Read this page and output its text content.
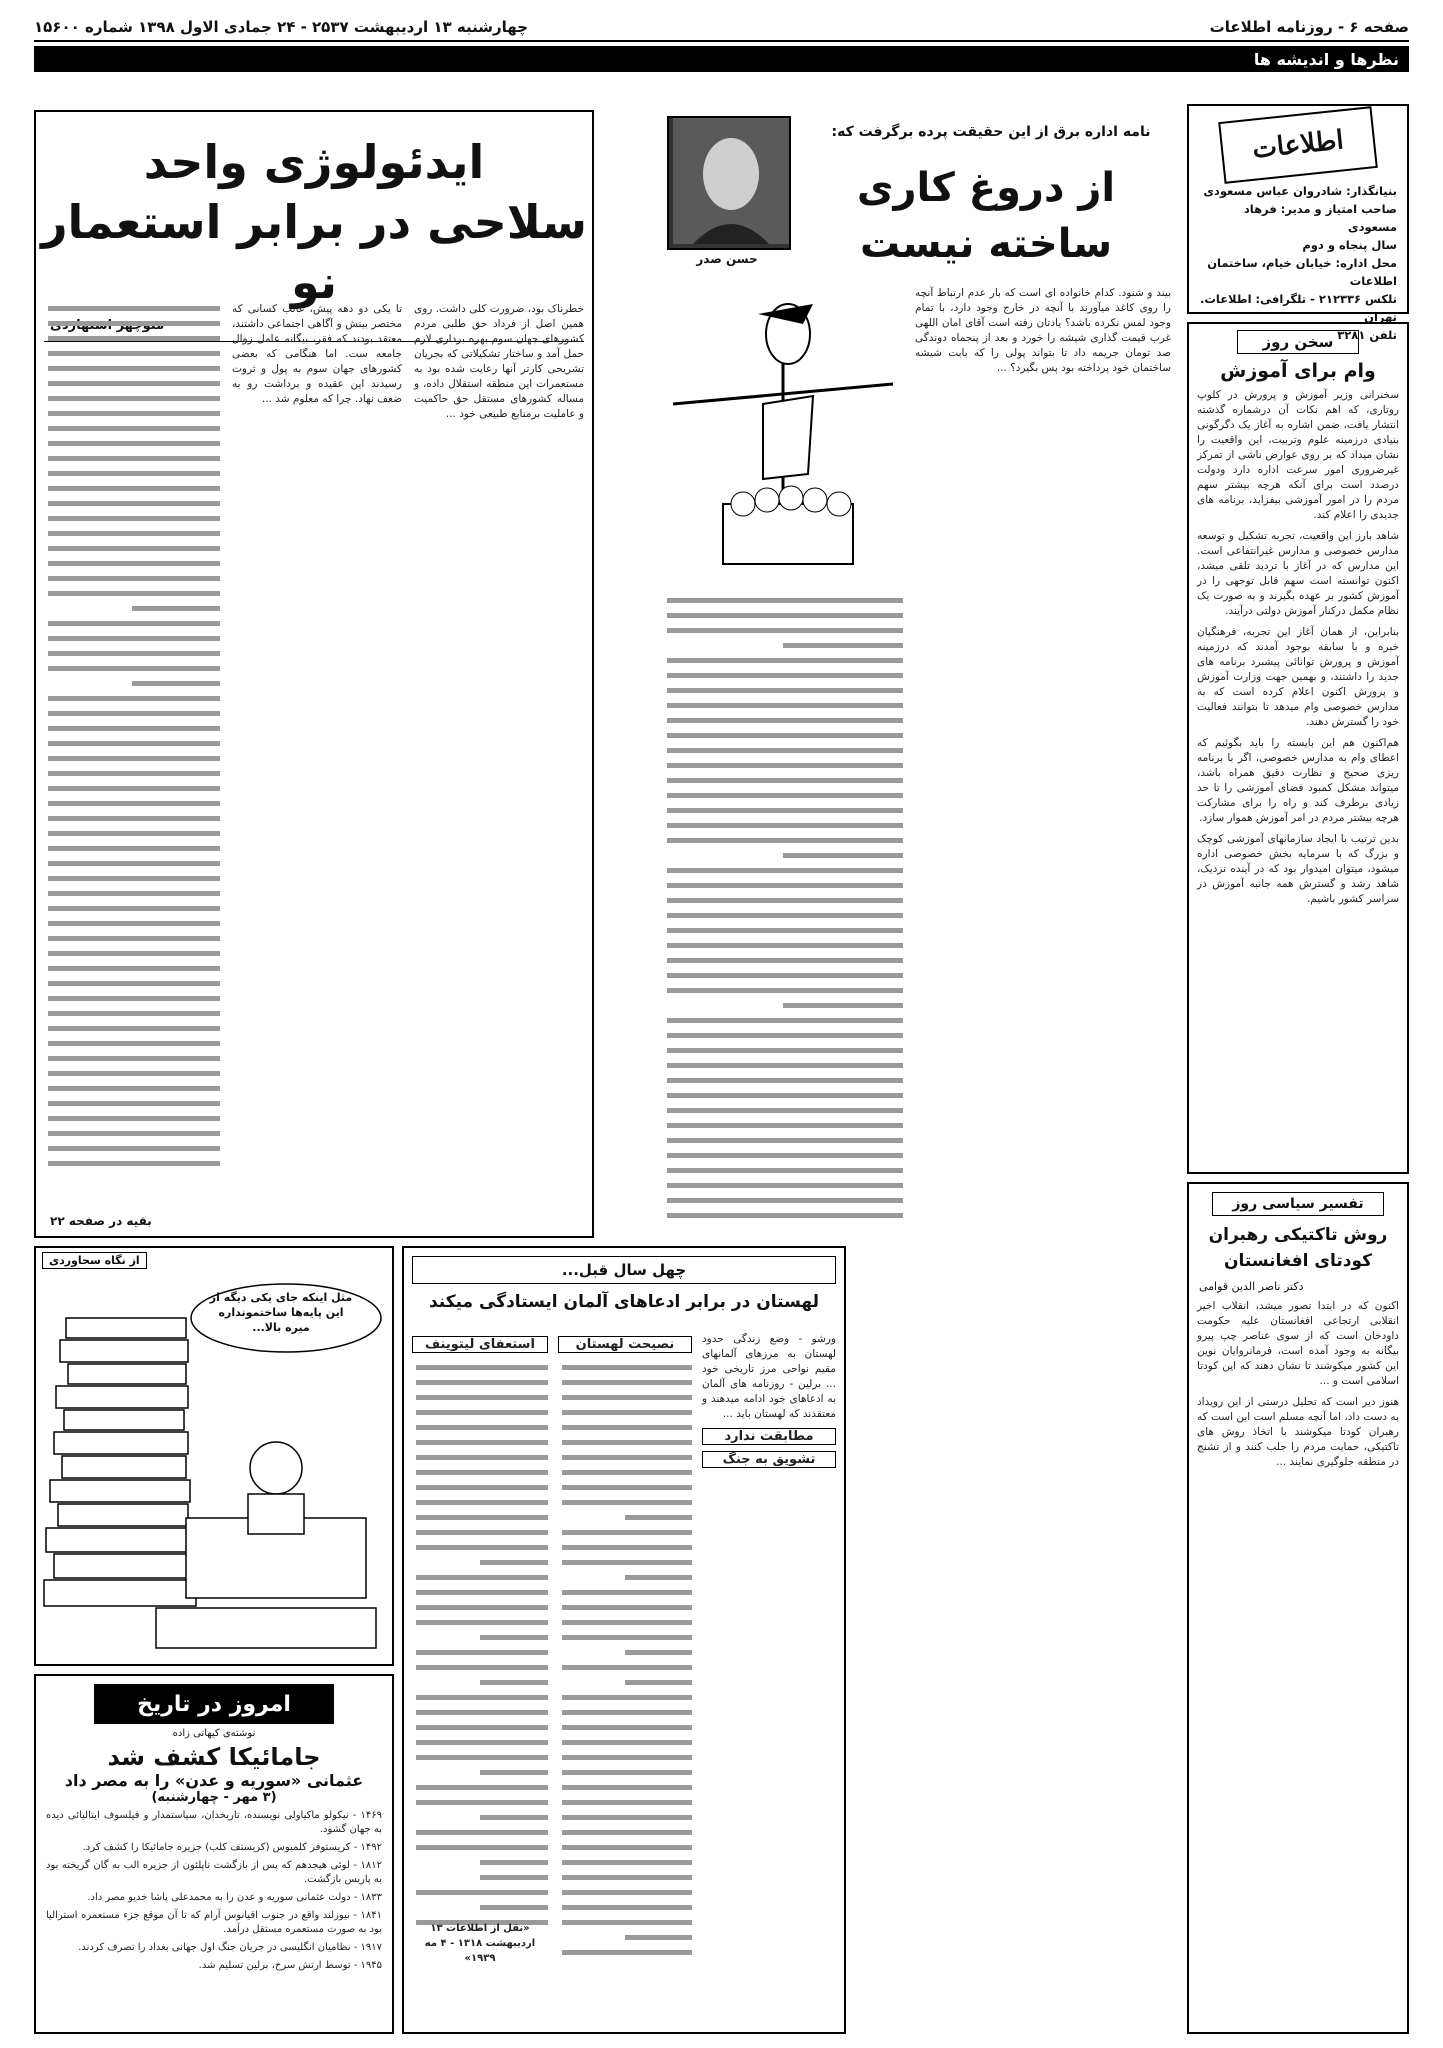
صفحه ۶ - روزنامه اطلاعات
چهارشنبه ۱۳ اردیبهشت ۲۵۳۷ - ۲۴ جمادی الاول ۱۳۹۸ شماره ۱۵۶۰۰
نظرها و اندیشه ها
اطلاعات
بنیانگذار: شادروان عباس مسعودی
صاحب امتیاز و مدیر: فرهاد مسعودی
سال پنجاه و دوم
محل اداره: خیابان خیام، ساختمان اطلاعات
تلکس ۲۱۲۳۳۶ - تلگرافی: اطلاعات. تهران
تلفن ۳۲۸۱
سخن روز
وام برای آموزش

سخنرانی وزیر آموزش و پرورش در کلوپ روتاری، که اهم نکات آن درشماره گذشته انتشار یافت، ضمن اشاره به آغاز یک دگرگونی بنیادی درزمینه علوم وتربیت، این واقعیت را نشان میداد که بر روی عوارض ناشی از تمرکز غیرضروری امور سرعت اداره دارد ودولت درصدد است برای آنکه هرچه بیشتر سهم مردم را در امور آموزشی بیفزاید، برنامه های جدیدی را اعلام کند.

شاهد بارز این واقعیت، تجربه تشکیل و توسعه مدارس خصوصی و مدارس غیرانتفاعی است. این مدارس که در آغاز با تردید تلقی میشد، اکنون توانسته است سهم قابل توجهی را در آموزش کشور بر عهده بگیرند و به صورت یک نظام مکمل درکنار آموزش دولتی درآیند.

بنابراین، از همان آغاز این تجربه، فرهنگیان خبره و با سابقه بوجود آمدند که درزمینه آموزش و پرورش توانائی پیشبرد برنامه های جدید را داشتند، و بهمین جهت وزارت آموزش و پرورش اکنون اعلام کرده است که به مدارس خصوصی وام میدهد تا بتوانند فعالیت خود را گسترش دهند.

هم‌اکنون هم این بایسته را باید بگوئیم که اعطای وام به مدارس خصوصی، اگر با برنامه ریزی صحیح و نظارت دقیق همراه باشد، میتواند مشکل کمبود فضای آموزشی را تا حد زیادی برطرف کند و راه را برای مشارکت هرچه بیشتر مردم در امر آموزش هموار سازد.

بدین ترتیب با ایجاد سازمانهای آموزشی کوچک و بزرگ که با سرمایه بخش خصوصی اداره میشود، میتوان امیدوار بود که در آینده نزدیک، شاهد رشد و گسترش همه جانبه آموزش در سراسر کشور باشیم.

تفسیر سیاسی روز
روش تاکتیکی رهبران کودتای افغانستان
دکتر ناصر الدین قوامی

اکنون که در ابتدا تصور میشد، انقلاب اخیر انقلابی ارتجاعی افغانستان علیه حکومت داودخان است که از سوی عناصر چپ پیرو بیگانه به وجود آمده است، فرمانروایان نوین این کشور میکوشند تا نشان دهند که این کودتا اسلامی است و ...

هنوز دیر است که تحلیل درستی از این رویداد به دست داد، اما آنچه مسلم است این است که رهبران کودتا میکوشند با اتخاذ روش های تاکتیکی، حمایت مردم را جلب کنند و از تشنج در منطقه جلوگیری نمایند ...

حسن صدر
نامه اداره برق از این حقیقت پرده برگرفت که:
از دروغ کاری ساخته نیست

بیند و شنود. کدام خانواده ای است که بار عدم ارتباط آنچه را روی کاغذ میآورند با آنچه در خارج وجود دارد، با تمام وجود لمس نکرده باشد؟ یادتان رفته است آقای امان اللهی غرب قیمت گذاری شیشه را خورد و بعد از پنجماه دوندگی صد تومان جریمه داد تا بتواند پولی را که بابت شیشه ساختمان خود پرداخته بود پس بگیرد؟ ...

ایدئولوژی واحد
سلاحی در برابر استعمار نو	خطرناک بود، ضرورت کلی داشت. روی همین اصل از فرداد حق طلبی مردم کشورهای جهان سوم بهره برداری لازم حمل آمد و ساختار تشکیلاتی که بجریان تشریحی کارتر آنها رعایت شده بود به مستعمرات این منطقه استقلال داده، و مساله کشورهای مستقل حق حاکمیت و عاملیت برمنابع طبیعی خود ...

تا یکی دو دهه پیش، غالب کسانی که مختصر بینش و آگاهی اجتماعی داشتند، معتقد بودند که فقر، بیگانه عامل زوال جامعه ست. اما هنگامی که بعضی کشورهای جهان سوم به پول و ثروت رسیدند این عقیده و برداشت رو به ضعف نهاد. چرا که معلوم شد ...

بقیه در صفحه ۲۲
از نگاه سحاوردی
مثل اینکه جای یکی دیگه از این پایه‌ها ساختمونداره میره بالا...
امروز در تاریخ
نوشته‌ی کیهانی زاده
جامائیکا کشف شد
عثمانی «سوریه و عدن» را به مصر داد
(۳ مهر - چهارشنبه)

۱۴۶۹ - نیکولو ماکیاولی نویسنده، تاریخدان، سیاستمدار و فیلسوف ایتالیائی دیده به جهان گشود.

۱۴۹۲ - کریستوفر کلمبوس (کریستف کلب) جزیره جامائیکا را کشف کرد.

۱۸۱۲ - لوئی هیجدهم که پس از بازگشت ناپلئون از جزیره الب به گان گریخته بود به پاریس بازگشت.

۱۸۳۳ - دولت عثمانی سوریه و عدن را به محمدعلی پاشا خدیو مصر داد.

۱۸۴۱ - نیوزلند واقع در جنوب اقیانوس آرام که تا آن موقع جزء مستعمره استرالیا بود به صورت مستعمره مستقل درآمد.

۱۹۱۷ - نظامیان انگلیسی در جریان جنگ اول جهانی بغداد را تصرف کردند.

۱۹۴۵ - توسط ارتش سرخ، برلین تسلیم شد.

چهل سال قبل...
لهستان در برابر ادعاهای آلمان ایستادگی میکند

ورشو - وضع زندگی حدود لهستان به مرزهای آلمانهای مقیم نواحی مرز تاریخی خود ... برلین - روزنامه های آلمان به ادعاهای خود ادامه میدهند و معتقدند که لهستان باید ...

مطابقت ندارد
تشویق به جنگ
نصیحت لهستان
استعفای لیتوینف
«نقل از اطلاعات ۱۳ اردیبهشت ۱۳۱۸ - ۴ مه ۱۹۳۹»
